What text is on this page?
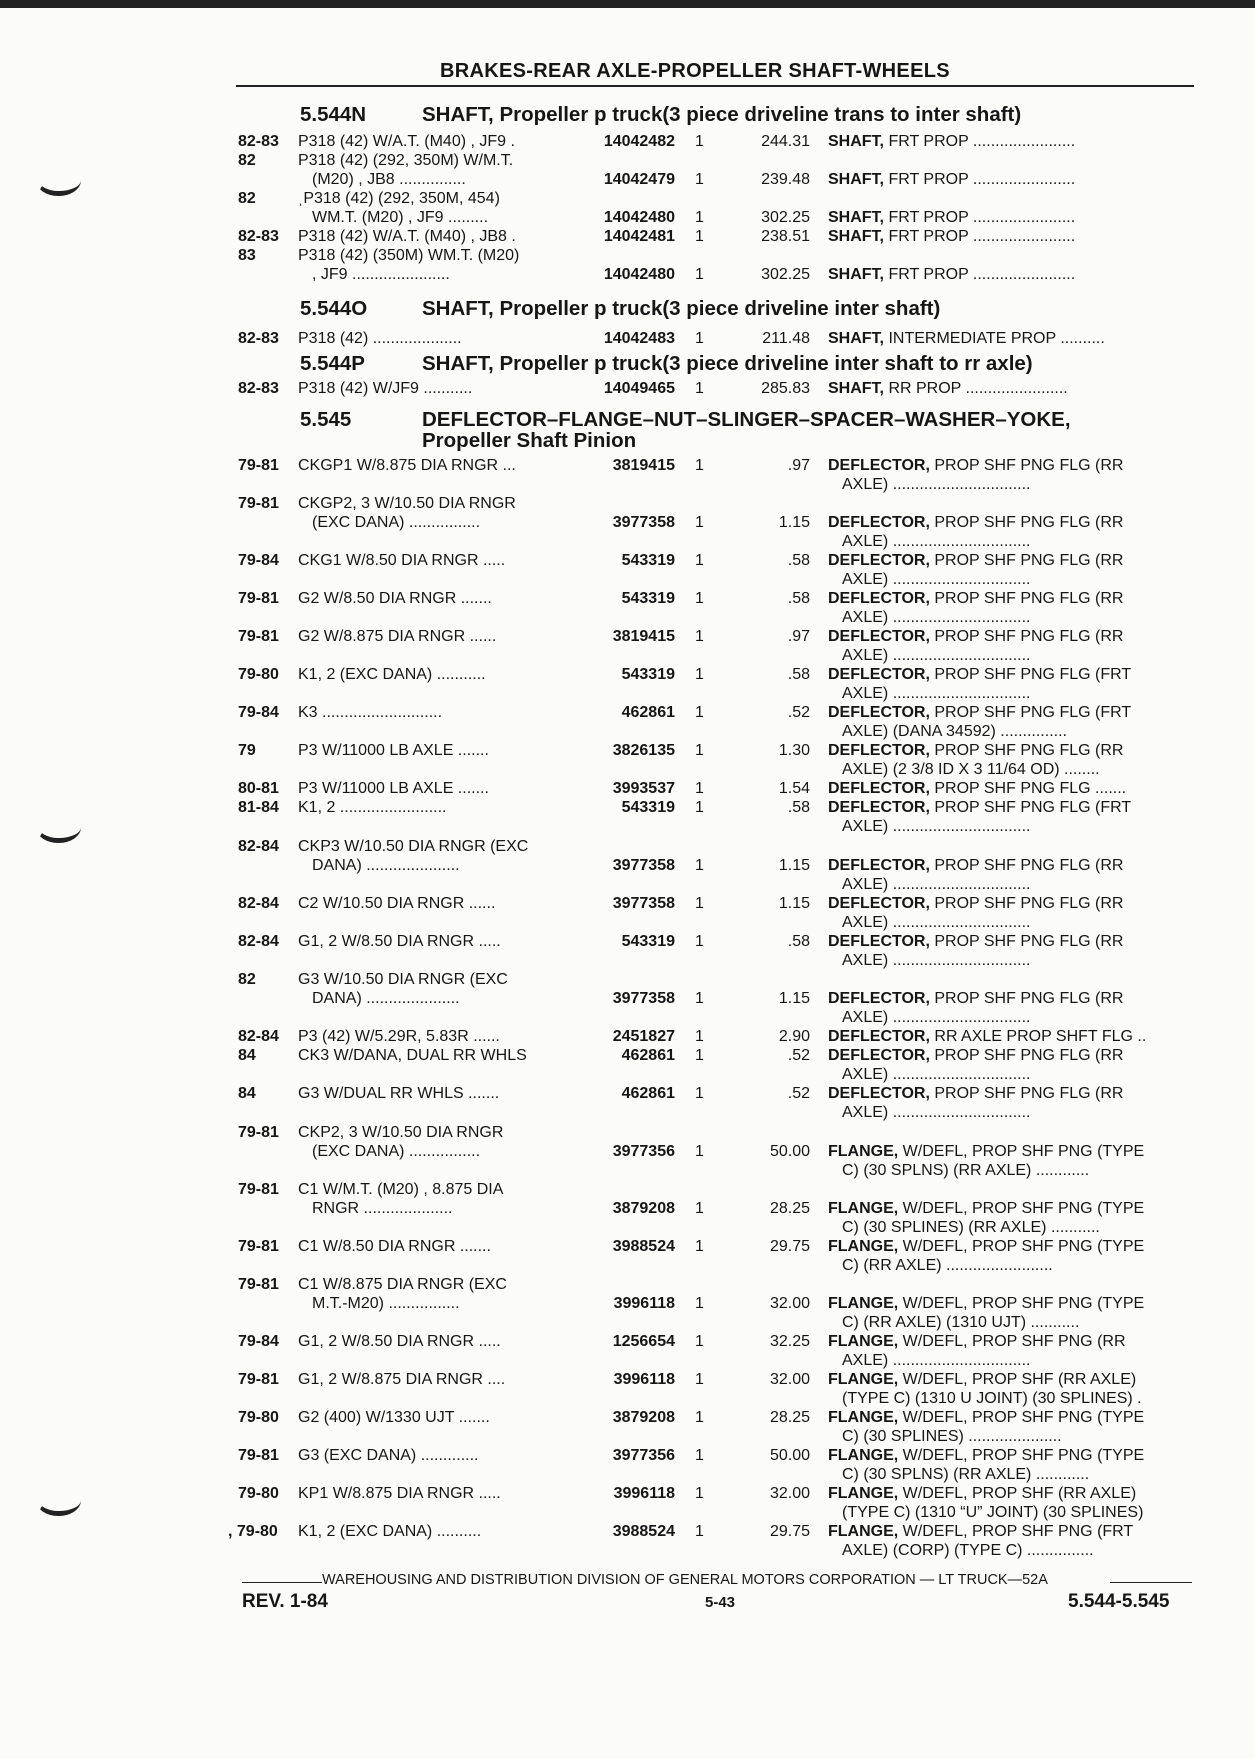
BRAKES-REAR AXLE-PROPELLER SHAFT-WHEELS
5.544N	SHAFT, Propeller p truck(3 piece driveline trans to inter shaft)
5.544O	SHAFT, Propeller p truck(3 piece driveline inter shaft)
5.544P	SHAFT, Propeller p truck(3 piece driveline inter shaft to rr axle)
5.545	DEFLECTOR–FLANGE–NUT–SLINGER–SPACER–WASHER–YOKE,
Propeller Shaft Pinion
82-83 P318 (42) W/A.T. (M40) , JF9 .	14042482 1	244.31 SHAFT, FRT PROP .......................
82	P318 (42) (292, 350M) W/M.T.
(M20) , JB8 ...............	14042479 1	239.48 SHAFT, FRT PROP .......................
82	ˌP318 (42) (292, 350M, 454)
WM.T. (M20) , JF9 .........	14042480 1	302.25 SHAFT, FRT PROP .......................
82-83 P318 (42) W/A.T. (M40) , JB8 .	14042481 1	238.51 SHAFT, FRT PROP .......................
83	P318 (42) (350M) WM.T. (M20)
, JF9 ......................	14042480 1	302.25 SHAFT, FRT PROP .......................
82-83 P318 (42) ....................	14042483 1	211.48 SHAFT, INTERMEDIATE PROP ..........
82-83 P318 (42) W/JF9 ...........	14049465 1	285.83 SHAFT, RR PROP .......................
79-81 CKGP1 W/8.875 DIA RNGR ...	3819415 1	.97 DEFLECTOR, PROP SHF PNG FLG (RR
AXLE) ...............................
79-81 CKGP2, 3 W/10.50 DIA RNGR
(EXC DANA) ................	3977358 1	1.15 DEFLECTOR, PROP SHF PNG FLG (RR
AXLE) ...............................
79-84 CKG1 W/8.50 DIA RNGR .....	543319 1	.58 DEFLECTOR, PROP SHF PNG FLG (RR
AXLE) ...............................
79-81 G2 W/8.50 DIA RNGR .......	543319 1	.58 DEFLECTOR, PROP SHF PNG FLG (RR
AXLE) ...............................
79-81 G2 W/8.875 DIA RNGR ......	3819415 1	.97 DEFLECTOR, PROP SHF PNG FLG (RR
AXLE) ...............................
79-80 K1, 2 (EXC DANA) ...........	543319 1	.58 DEFLECTOR, PROP SHF PNG FLG (FRT
AXLE) ...............................
79-84 K3 ...........................	462861 1	.52 DEFLECTOR, PROP SHF PNG FLG (FRT
AXLE) (DANA 34592) ...............
79	P3 W/11000 LB AXLE .......	3826135 1	1.30 DEFLECTOR, PROP SHF PNG FLG (RR
AXLE) (2 3/8 ID X 3 11/64 OD) ........
80-81 P3 W/11000 LB AXLE .......	3993537 1	1.54 DEFLECTOR, PROP SHF PNG FLG .......
81-84 K1, 2 ........................	543319 1	.58 DEFLECTOR, PROP SHF PNG FLG (FRT
AXLE) ...............................
82-84 CKP3 W/10.50 DIA RNGR (EXC
DANA) .....................	3977358 1	1.15 DEFLECTOR, PROP SHF PNG FLG (RR
AXLE) ...............................
82-84 C2 W/10.50 DIA RNGR ......	3977358 1	1.15 DEFLECTOR, PROP SHF PNG FLG (RR
AXLE) ...............................
82-84 G1, 2 W/8.50 DIA RNGR .....	543319 1	.58 DEFLECTOR, PROP SHF PNG FLG (RR
AXLE) ...............................
82	G3 W/10.50 DIA RNGR (EXC
DANA) .....................	3977358 1	1.15 DEFLECTOR, PROP SHF PNG FLG (RR
AXLE) ...............................
82-84 P3 (42) W/5.29R, 5.83R ......	2451827 1	2.90 DEFLECTOR, RR AXLE PROP SHFT FLG ..
84	CK3 W/DANA, DUAL RR WHLS	462861 1	.52 DEFLECTOR, PROP SHF PNG FLG (RR
AXLE) ...............................
84	G3 W/DUAL RR WHLS .......	462861 1	.52 DEFLECTOR, PROP SHF PNG FLG (RR
AXLE) ...............................
79-81 CKP2, 3 W/10.50 DIA RNGR
(EXC DANA) ................	3977356 1	50.00 FLANGE, W/DEFL, PROP SHF PNG (TYPE
C) (30 SPLNS) (RR AXLE) ............
79-81 C1 W/M.T. (M20) , 8.875 DIA
RNGR ....................	3879208 1	28.25 FLANGE, W/DEFL, PROP SHF PNG (TYPE
C) (30 SPLINES) (RR AXLE) ...........
79-81 C1 W/8.50 DIA RNGR .......	3988524 1	29.75 FLANGE, W/DEFL, PROP SHF PNG (TYPE
C) (RR AXLE) ........................
79-81 C1 W/8.875 DIA RNGR (EXC
M.T.-M20) ................	3996118 1	32.00 FLANGE, W/DEFL, PROP SHF PNG (TYPE
C) (RR AXLE) (1310 UJT) ...........
79-84 G1, 2 W/8.50 DIA RNGR .....	1256654 1	32.25 FLANGE, W/DEFL, PROP SHF PNG (RR
AXLE) ...............................
79-81 G1, 2 W/8.875 DIA RNGR ....	3996118 1	32.00 FLANGE, W/DEFL, PROP SHF (RR AXLE)
(TYPE C) (1310 U JOINT) (30 SPLINES) .
79-80 G2 (400) W/1330 UJT .......	3879208 1	28.25 FLANGE, W/DEFL, PROP SHF PNG (TYPE
C) (30 SPLINES) .....................
79-81 G3 (EXC DANA) .............	3977356 1	50.00 FLANGE, W/DEFL, PROP SHF PNG (TYPE
C) (30 SPLNS) (RR AXLE) ............
79-80 KP1 W/8.875 DIA RNGR .....	3996118 1	32.00 FLANGE, W/DEFL, PROP SHF (RR AXLE)
(TYPE C) (1310 “U” JOINT) (30 SPLINES)
, 79-80 K1, 2 (EXC DANA) ..........	3988524 1	29.75 FLANGE, W/DEFL, PROP SHF PNG (FRT
AXLE) (CORP) (TYPE C) ...............
WAREHOUSING AND DISTRIBUTION DIVISION OF GENERAL MOTORS CORPORATION — LT TRUCK—52A
REV. 1-84	5-43	5.544-5.545
